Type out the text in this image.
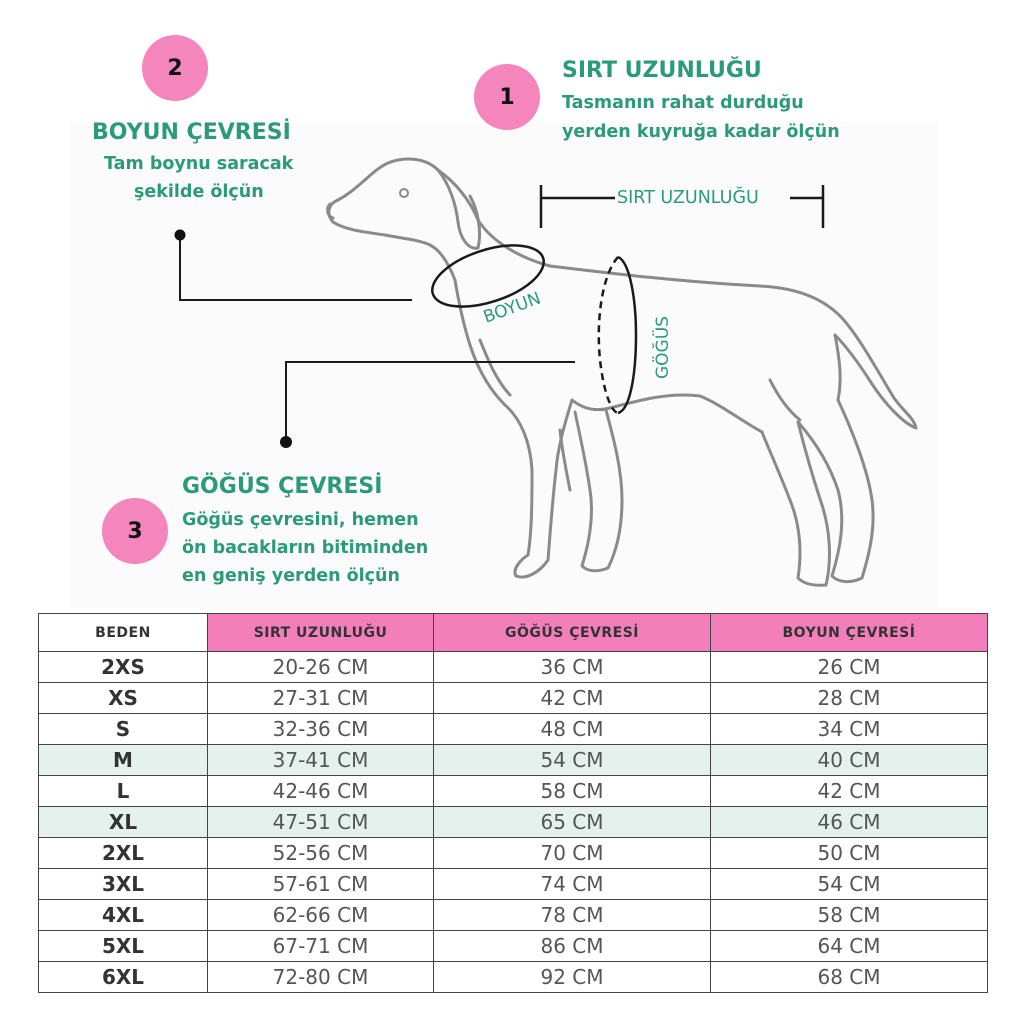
SIRT UZUNLUĞU
BOYUN
GÖĞÜS
1
SIRT UZUNLUĞU
Tasmanın rahat durduğu
yerden kuyruğa kadar ölçün
2
BOYUN ÇEVRESİ
Tam boynu saracak
şekilde ölçün
GÖĞÜS ÇEVRESİ
3	Göğüs çevresini, hemen
ön bacakların bitiminden
en geniş yerden ölçün
BEDEN	SIRT UZUNLUĞU	GÖĞÜS ÇEVRESİ	BOYUN ÇEVRESİ
2XS	20-26 CM	36 CM	26 CM
XS	27-31 CM	42 CM	28 CM
S	32-36 CM	48 CM	34 CM
M	37-41 CM	54 CM	40 CM
L	42-46 CM	58 CM	42 CM
XL	47-51 CM	65 CM	46 CM
2XL	52-56 CM	70 CM	50 CM
3XL	57-61 CM	74 CM	54 CM
4XL	62-66 CM	78 CM	58 CM
5XL	67-71 CM	86 CM	64 CM
6XL	72-80 CM	92 CM	68 CM
